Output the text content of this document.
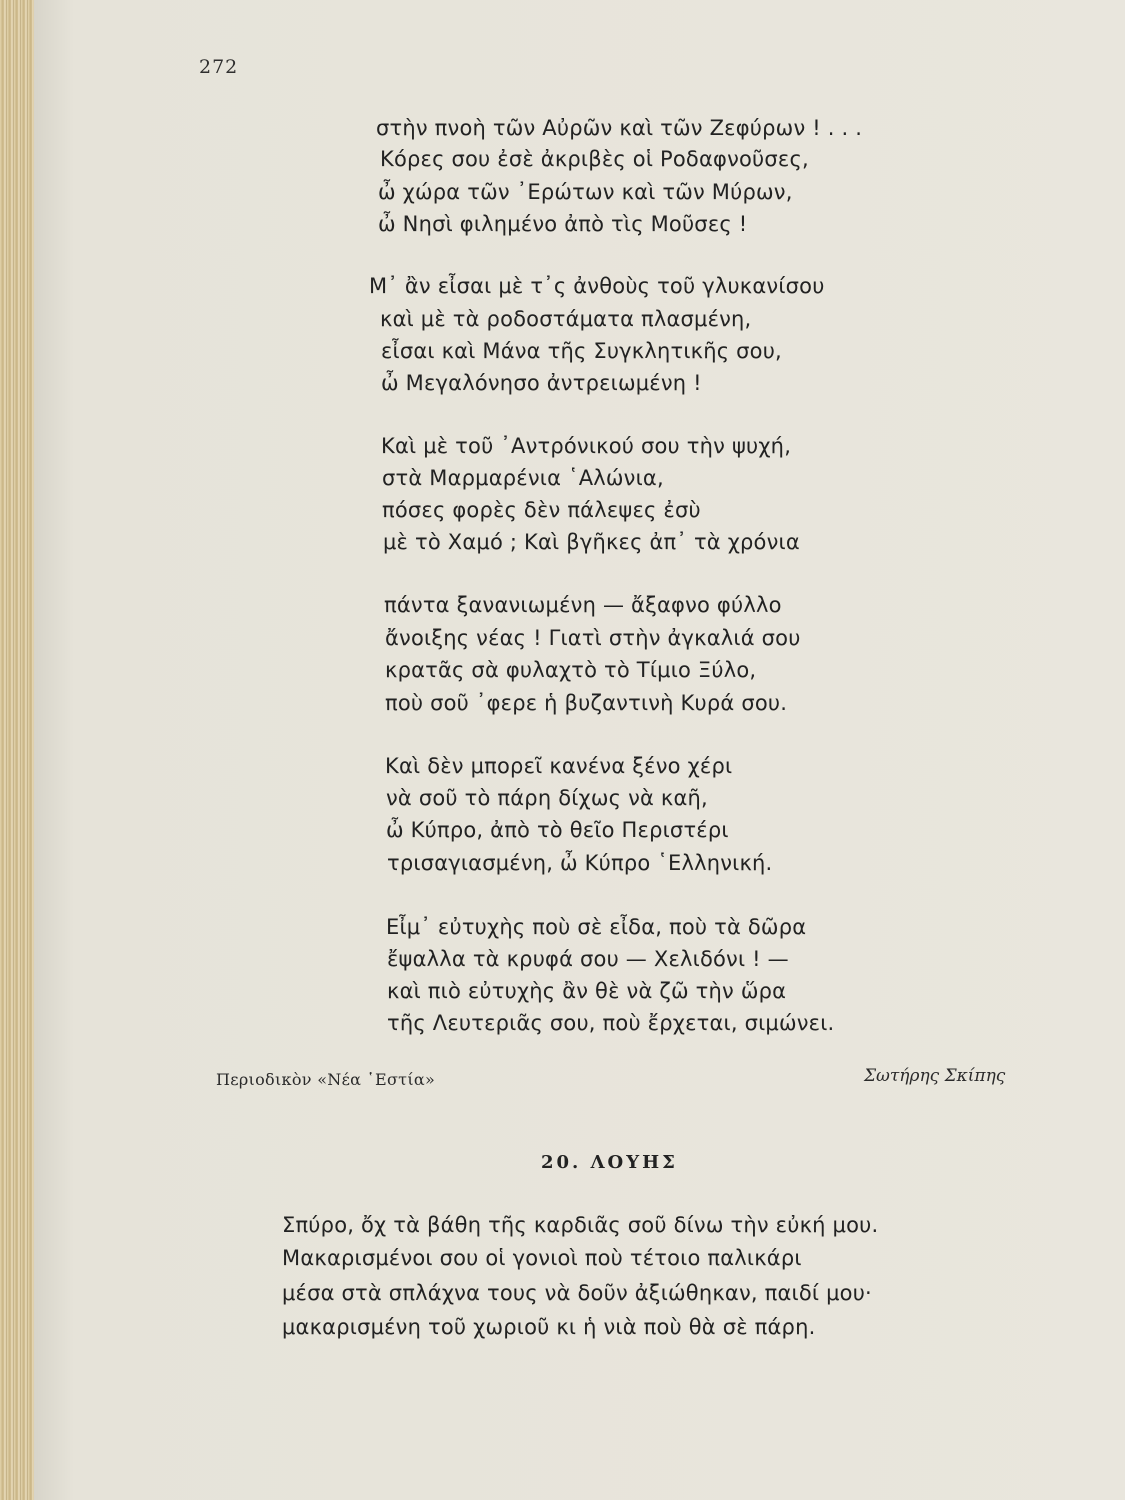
272
στὴν πνοὴ τῶν Αὐρῶν καὶ τῶν Ζεφύρων ! . . .
Κόρες σου ἐσὲ ἀκριβὲς οἱ Ροδαφνοῦσες,
ὦ χώρα τῶν ᾿Ερώτων καὶ τῶν Μύρων,
ὦ Νησὶ φιλημένο ἀπὸ τὶς Μοῦσες !
Μ᾿ ἂν εἶσαι μὲ τ᾿ς ἀνθοὺς τοῦ γλυκανίσου
καὶ μὲ τὰ ροδοστάματα πλασμένη,
εἶσαι καὶ Μάνα τῆς Συγκλητικῆς σου,
ὦ Μεγαλόνησο ἀντρειωμένη !
Καὶ μὲ τοῦ ᾿Αντρόνικού σου τὴν ψυχή,
στὰ Μαρμαρένια ῾Αλώνια,
πόσες φορὲς δὲν πάλεψες ἐσὺ
μὲ τὸ Χαμό ; Καὶ βγῆκες ἀπ᾿ τὰ χρόνια
πάντα ξανανιωμένη — ἄξαφνο φύλλο
ἄνοιξης νέας ! Γιατὶ στὴν ἀγκαλιά σου
κρατᾶς σὰ φυλαχτὸ τὸ Τίμιο Ξύλο,
ποὺ σοῦ ᾿φερε ἡ βυζαντινὴ Κυρά σου.
Καὶ δὲν μπορεῖ κανένα ξένο χέρι
νὰ σοῦ τὸ πάρη δίχως νὰ καῆ,
ὦ Κύπρο, ἀπὸ τὸ θεῖο Περιστέρι
τρισαγιασμένη, ὦ Κύπρο ῾Ελληνική.
Εἶμ᾿ εὐτυχὴς ποὺ σὲ εἶδα, ποὺ τὰ δῶρα
ἔψαλλα τὰ κρυφά σου — Χελιδόνι ! —
καὶ πιὸ εὐτυχὴς ἂν θὲ νὰ ζῶ τὴν ὥρα
τῆς Λευτεριᾶς σου, ποὺ ἔρχεται, σιμώνει.
Περιοδικὸν «Νέα ῾Εστία»	Σωτήρης Σκίπης
20. ΛΟΥΗΣ
Σπύρο, ὄχ τὰ βάθη τῆς καρδιᾶς σοῦ δίνω τὴν εὐκή μου.
Μακαρισμένοι σου οἱ γονιοὶ ποὺ τέτοιο παλικάρι
μέσα στὰ σπλάχνα τους νὰ δοῦν ἀξιώθηκαν, παιδί μου·
μακαρισμένη τοῦ χωριοῦ κι ἡ νιὰ ποὺ θὰ σὲ πάρη.
